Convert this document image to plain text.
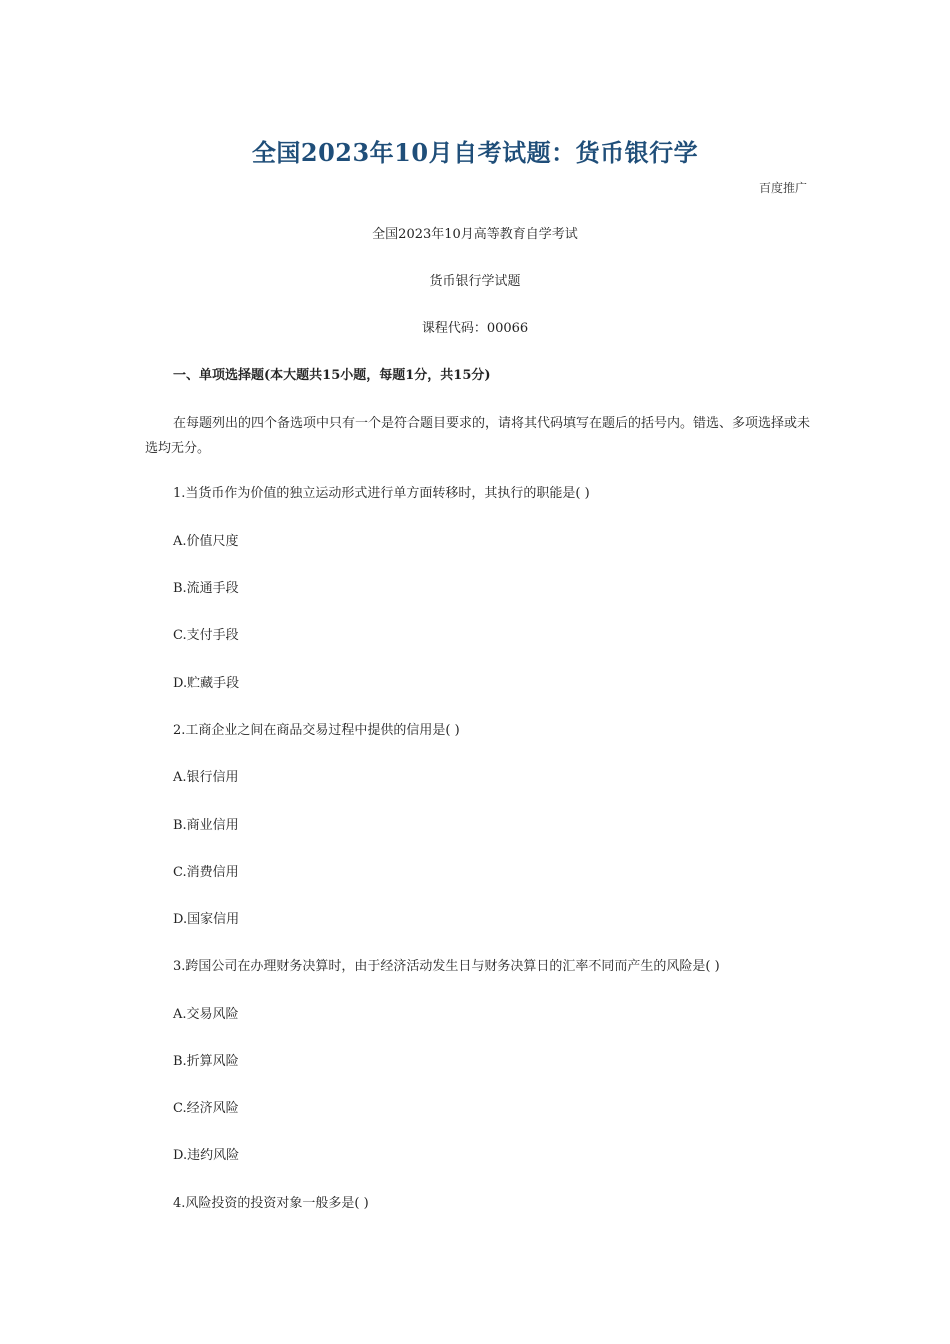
全国2023年10月自考试题：货币银行学
百度推广

全国2023年10月高等教育自学考试

货币银行学试题

课程代码：00066

一、单项选择题(本大题共15小题，每题1分，共15分)

在每题列出的四个备选项中只有一个是符合题目要求的，请将其代码填写在题后的括号内。错选、多项选择或未选均无分。

1.当货币作为价值的独立运动形式进行单方面转移时，其执行的职能是( )

A.价值尺度

B.流通手段

C.支付手段

D.贮藏手段

2.工商企业之间在商品交易过程中提供的信用是( )

A.银行信用

B.商业信用

C.消费信用

D.国家信用

3.跨国公司在办理财务决算时，由于经济活动发生日与财务决算日的汇率不同而产生的风险是( )

A.交易风险

B.折算风险

C.经济风险

D.违约风险

4.风险投资的投资对象一般多是( )
